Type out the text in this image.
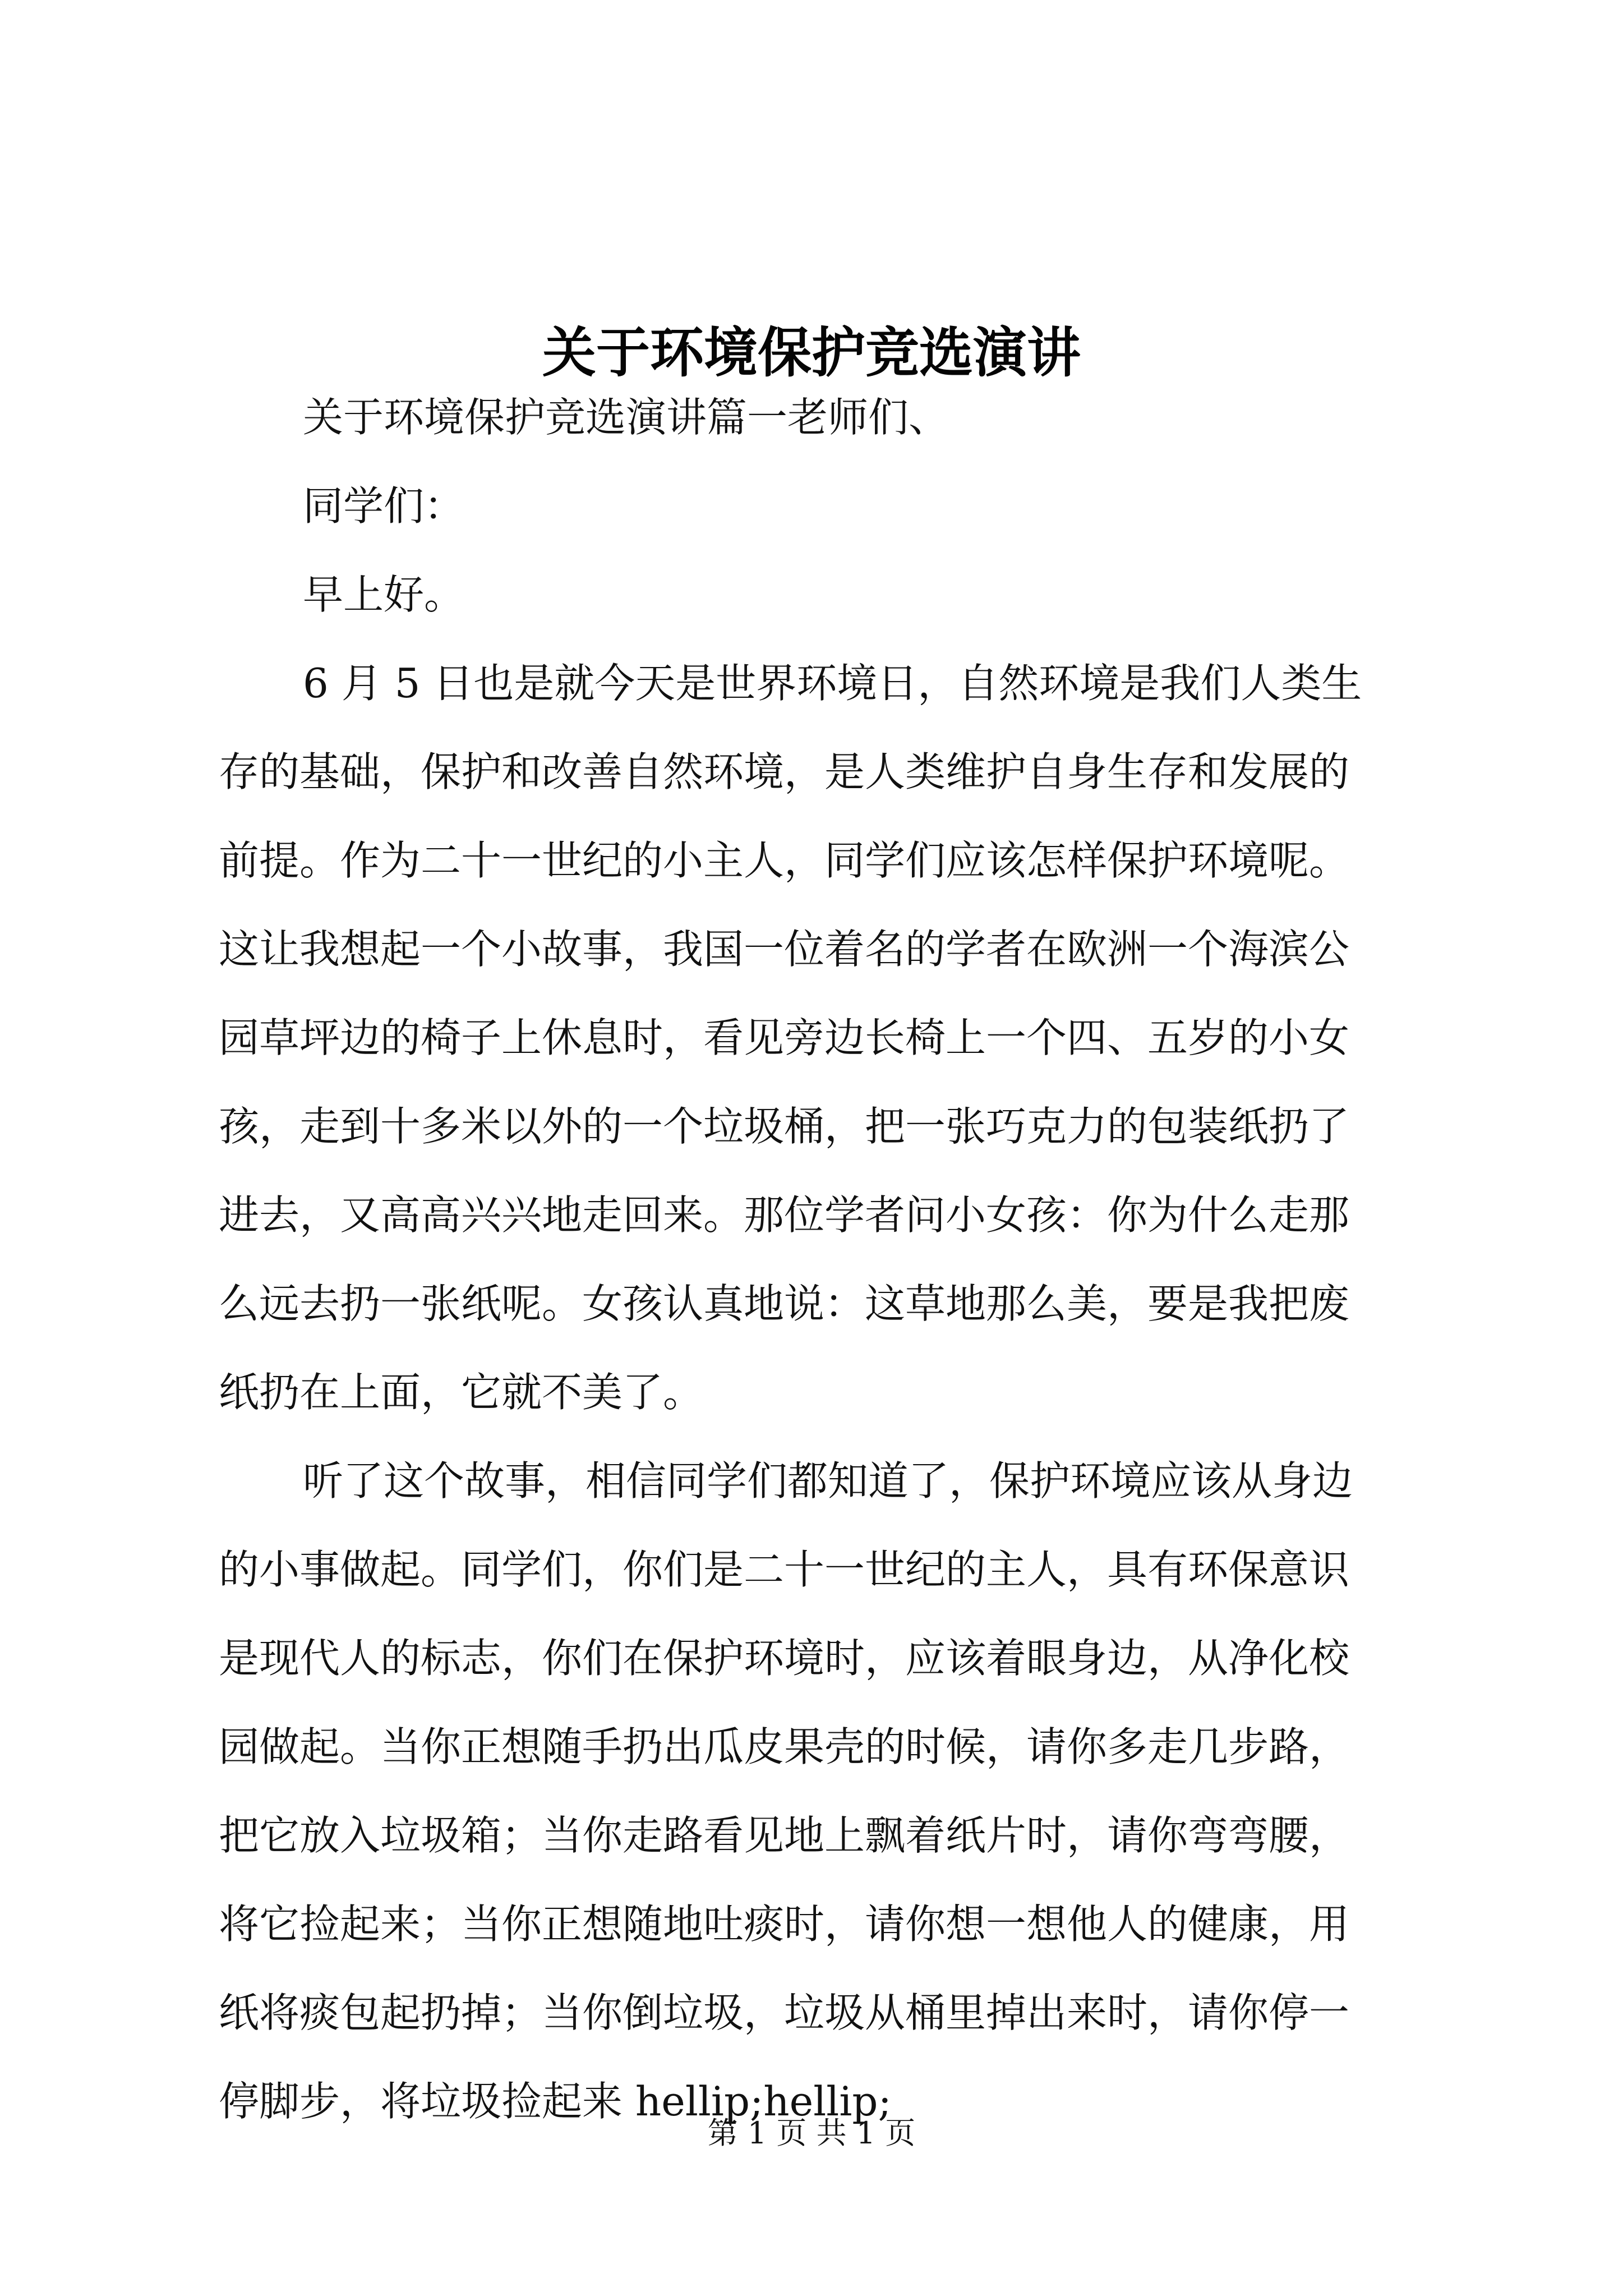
关于环境保护竞选演讲

关于环境保护竞选演讲篇一老师们、

同学们：

早上好。

6 月 5 日也是就今天是世界环境日，自然环境是我们人类生
存的基础，保护和改善自然环境，是人类维护自身生存和发展的
前提。作为二十一世纪的小主人，同学们应该怎样保护环境呢。
这让我想起一个小故事，我国一位着名的学者在欧洲一个海滨公
园草坪边的椅子上休息时，看见旁边长椅上一个四、五岁的小女
孩，走到十多米以外的一个垃圾桶，把一张巧克力的包装纸扔了
进去，又高高兴兴地走回来。那位学者问小女孩：你为什么走那
么远去扔一张纸呢。女孩认真地说：这草地那么美，要是我把废
纸扔在上面，它就不美了。

听了这个故事，相信同学们都知道了，保护环境应该从身边
的小事做起。同学们，你们是二十一世纪的主人，具有环保意识
是现代人的标志，你们在保护环境时，应该着眼身边，从净化校
园做起。当你正想随手扔出瓜皮果壳的时候，请你多走几步路，
把它放入垃圾箱；当你走路看见地上飘着纸片时，请你弯弯腰，
将它捡起来；当你正想随地吐痰时，请你想一想他人的健康，用
纸将痰包起扔掉；当你倒垃圾，垃圾从桶里掉出来时，请你停一
停脚步，将垃圾捡起来 hellip;hellip;

第 1 页 共 1 页
